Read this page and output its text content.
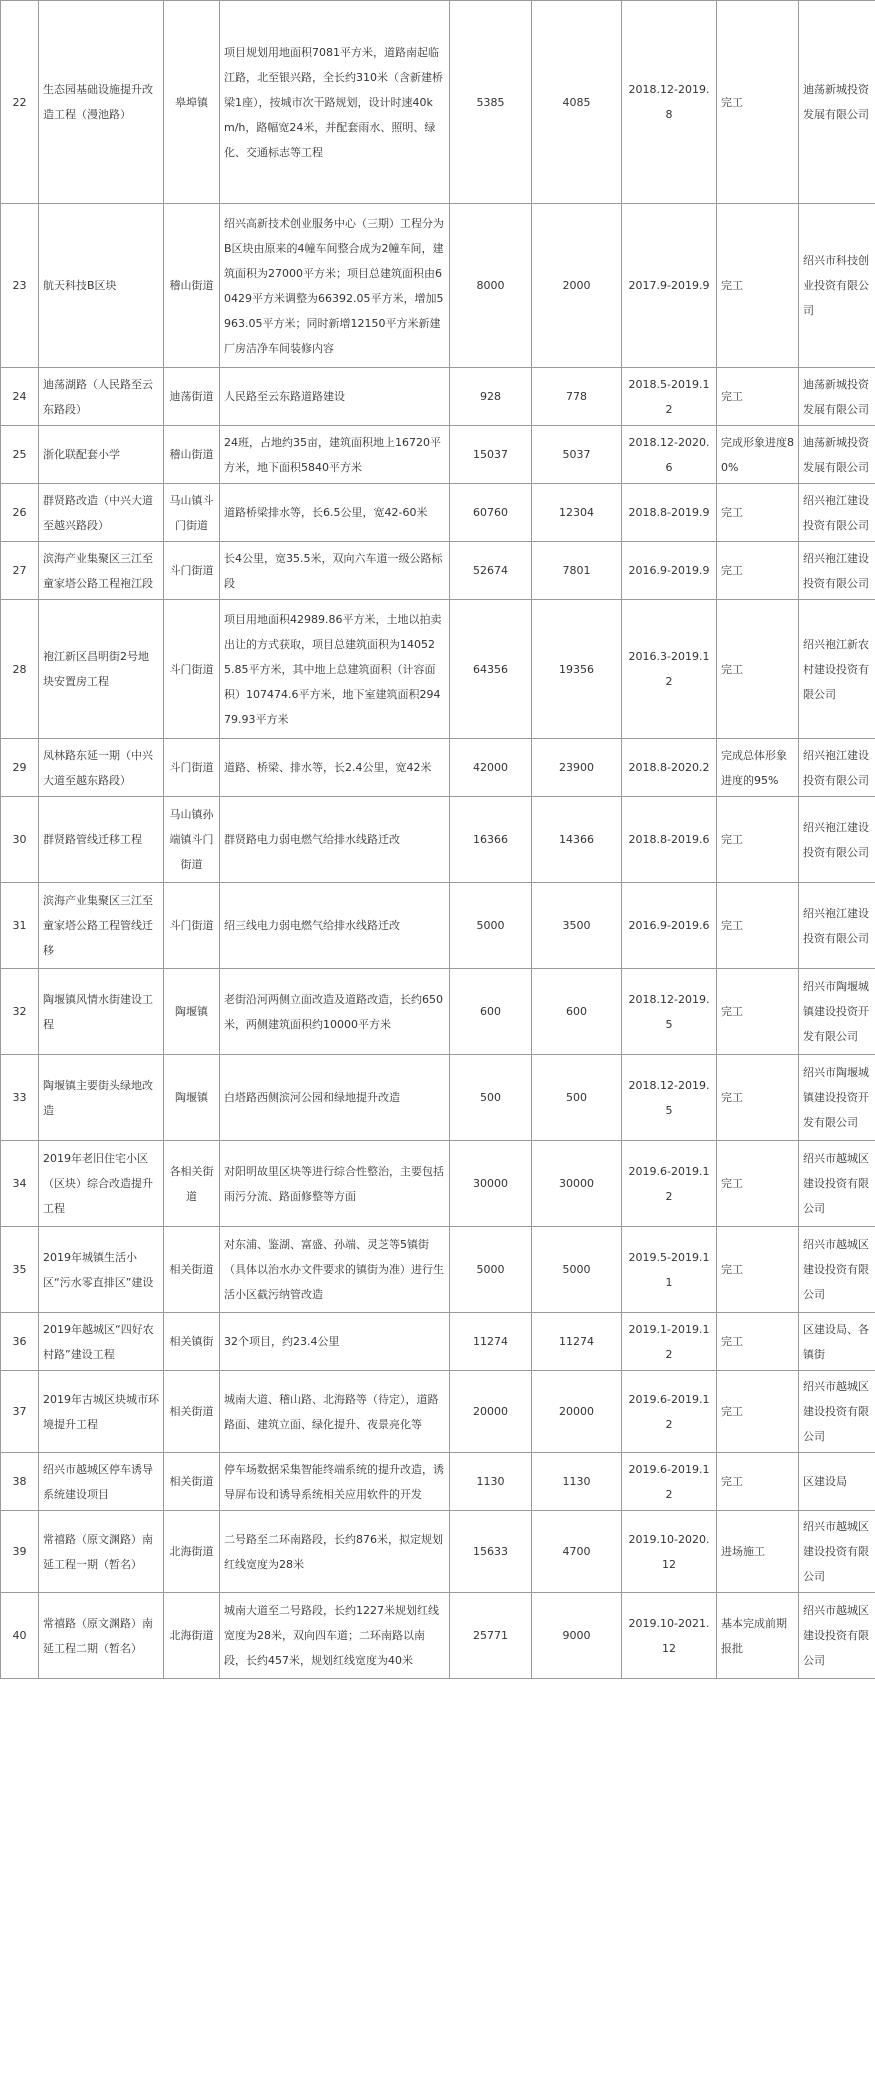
22	生态园基础设施提升改造工程（漫池路）	皋埠镇	项目规划用地面积7081平方米，道路南起临江路，北至银兴路，全长约310米（含新建桥梁1座），按城市次干路规划，设计时速40km/h，路幅宽24米，并配套雨水、照明、绿化、交通标志等工程	5385	4085	2018.12-2019.8	完工	迪荡新城投资发展有限公司
23	航天科技B区块	稽山街道	绍兴高新技术创业服务中心（三期）工程分为B区块由原来的4幢车间整合成为2幢车间，建筑面积为27000平方米；项目总建筑面积由60429平方米调整为66392.05平方米，增加5963.05平方米；同时新增12150平方米新建厂房洁净车间装修内容	8000	2000	2017.9-2019.9	完工	绍兴市科技创业投资有限公司
24	迪荡湖路（人民路至云东路段）	迪荡街道	人民路至云东路道路建设	928	778	2018.5-2019.12	完工	迪荡新城投资发展有限公司
25	浙化联配套小学	稽山街道	24班，占地约35亩，建筑面积地上16720平方米，地下面积5840平方米	15037	5037	2018.12-2020.6	完成形象进度80%	迪荡新城投资发展有限公司
26	群贤路改造（中兴大道至越兴路段）	马山镇斗门街道	道路桥梁排水等，长6.5公里，宽42-60米	60760	12304	2018.8-2019.9	完工	绍兴袍江建设投资有限公司
27	滨海产业集聚区三江至童家塔公路工程袍江段	斗门街道	长4公里，宽35.5米，双向六车道一级公路标段	52674	7801	2016.9-2019.9	完工	绍兴袍江建设投资有限公司
28	袍江新区昌明街2号地块安置房工程	斗门街道	项目用地面积42989.86平方米，土地以拍卖出让的方式获取，项目总建筑面积为140525.85平方米，其中地上总建筑面积（计容面积）107474.6平方米，地下室建筑面积29479.93平方米	64356	19356	2016.3-2019.12	完工	绍兴袍江新农村建设投资有限公司
29	凤林路东延一期（中兴大道至越东路段）	斗门街道	道路、桥梁、排水等，长2.4公里，宽42米	42000	23900	2018.8-2020.2	完成总体形象进度的95%	绍兴袍江建设投资有限公司
30	群贤路管线迁移工程	马山镇孙端镇斗门街道	群贤路电力弱电燃气给排水线路迁改	16366	14366	2018.8-2019.6	完工	绍兴袍江建设投资有限公司
31	滨海产业集聚区三江至童家塔公路工程管线迁移	斗门街道	绍三线电力弱电燃气给排水线路迁改	5000	3500	2016.9-2019.6	完工	绍兴袍江建设投资有限公司
32	陶堰镇风情水街建设工程	陶堰镇	老街沿河两侧立面改造及道路改造，长约650米，两侧建筑面积约10000平方米	600	600	2018.12-2019.5	完工	绍兴市陶堰城镇建设投资开发有限公司
33	陶堰镇主要街头绿地改造	陶堰镇	白塔路西侧滨河公园和绿地提升改造	500	500	2018.12-2019.5	完工	绍兴市陶堰城镇建设投资开发有限公司
34	2019年老旧住宅小区（区块）综合改造提升工程	各相关街道	对阳明故里区块等进行综合性整治，主要包括雨污分流、路面修整等方面	30000	30000	2019.6-2019.12	完工	绍兴市越城区建设投资有限公司
35	2019年城镇生活小区“污水零直排区”建设	相关街道	对东浦、鉴湖、富盛、孙端、灵芝等5镇街（具体以治水办文件要求的镇街为准）进行生活小区截污纳管改造	5000	5000	2019.5-2019.11	完工	绍兴市越城区建设投资有限公司
36	2019年越城区“四好农村路”建设工程	相关镇街	32个项目，约23.4公里	11274	11274	2019.1-2019.12	完工	区建设局、各镇街
37	2019年古城区块城市环境提升工程	相关街道	城南大道、稽山路、北海路等（待定），道路路面、建筑立面、绿化提升、夜景亮化等	20000	20000	2019.6-2019.12	完工	绍兴市越城区建设投资有限公司
38	绍兴市越城区停车诱导系统建设项目	相关街道	停车场数据采集智能终端系统的提升改造，诱导屏布设和诱导系统相关应用软件的开发	1130	1130	2019.6-2019.12	完工	区建设局
39	常禧路（原文渊路）南延工程一期（暂名）	北海街道	二号路至二环南路段，长约876米，拟定规划红线宽度为28米	15633	4700	2019.10-2020.12	进场施工	绍兴市越城区建设投资有限公司
40	常禧路（原文渊路）南延工程二期（暂名）	北海街道	城南大道至二号路段，长约1227米规划红线宽度为28米，双向四车道；二环南路以南段，长约457米，规划红线宽度为40米	25771	9000	2019.10-2021.12	基本完成前期报批	绍兴市越城区建设投资有限公司
